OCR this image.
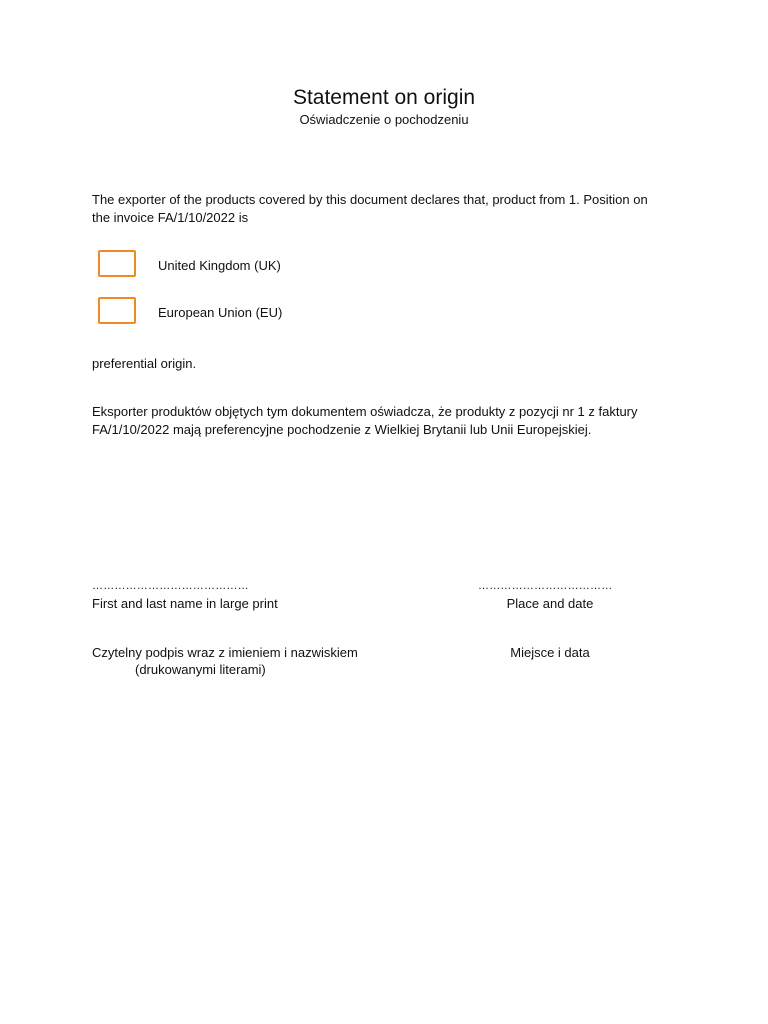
Statement on origin
Oświadczenie o pochodzeniu
The exporter of the products covered by this document declares that, product from 1. Position on the invoice FA/1/10/2022 is
United Kingdom (UK)
European Union (EU)
preferential origin.
Eksporter produktów objętych tym dokumentem oświadcza, że produkty z pozycji nr 1 z faktury FA/1/10/2022 mają preferencyjne pochodzenie z Wielkiej Brytanii lub Unii Europejskiej.
……………………………………	………………………………
First and last name in large print	Place and date
Czytelny podpis wraz z imieniem i nazwiskiem
(drukowanymi literami)
Miejsce i data
